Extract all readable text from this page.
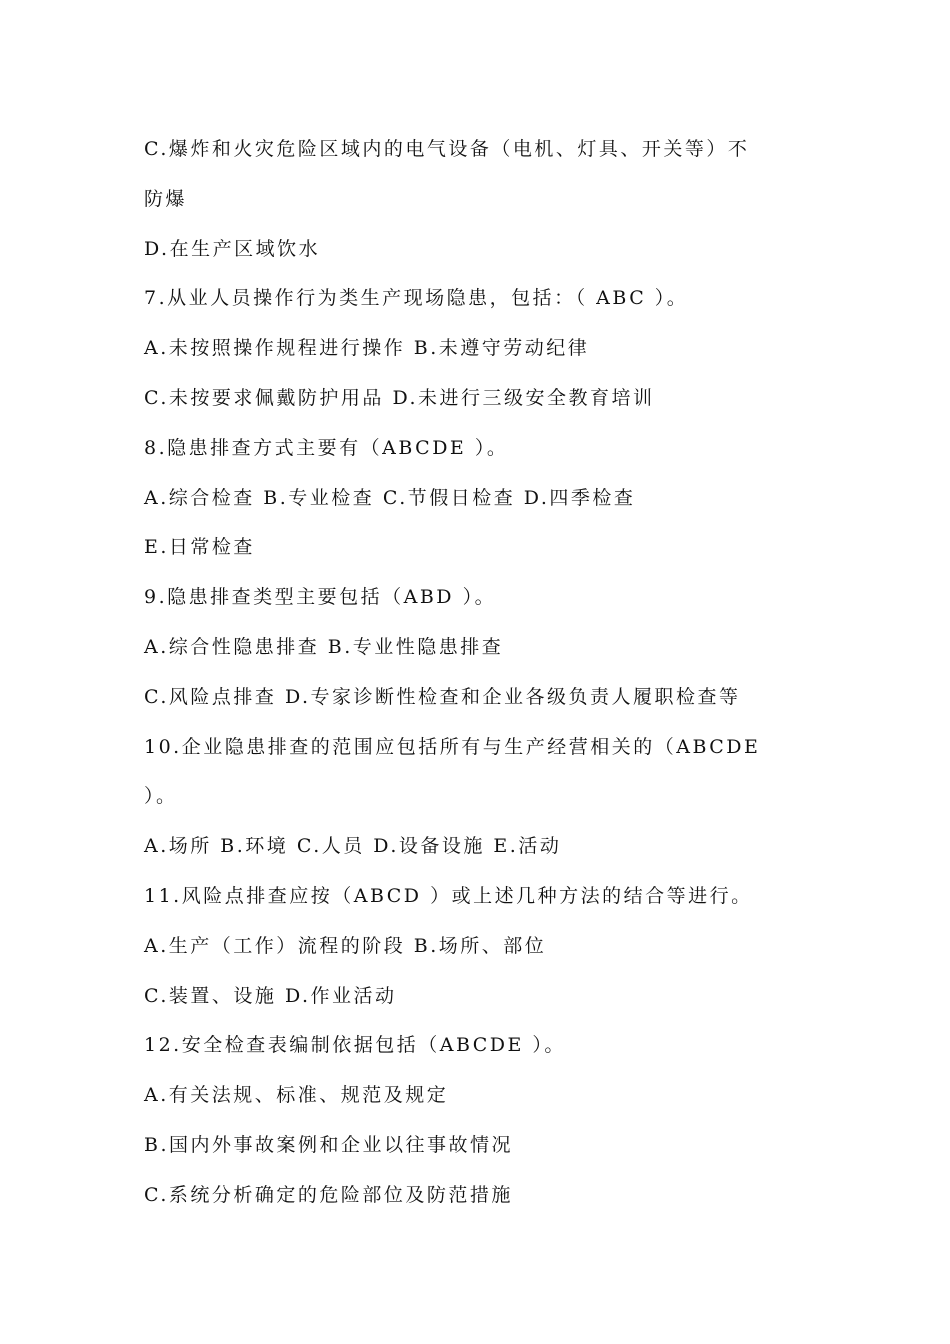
C.爆炸和火灾危险区域内的电气设备（电机、灯具、开关等）不
防爆
D.在生产区域饮水
7.从业人员操作行为类生产现场隐患，包括：（ ABC ）。
A.未按照操作规程进行操作 B.未遵守劳动纪律
C.未按要求佩戴防护用品 D.未进行三级安全教育培训
8.隐患排查方式主要有（ABCDE ）。
A.综合检查 B.专业检查 C.节假日检查 D.四季检查
E.日常检查
9.隐患排查类型主要包括（ABD ）。
A.综合性隐患排查 B.专业性隐患排查
C.风险点排查 D.专家诊断性检查和企业各级负责人履职检查等
10.企业隐患排查的范围应包括所有与生产经营相关的（ABCDE
）。
A.场所 B.环境 C.人员 D.设备设施 E.活动
11.风险点排查应按（ABCD ）或上述几种方法的结合等进行。
A.生产（工作）流程的阶段 B.场所、部位
C.装置、设施 D.作业活动
12.安全检查表编制依据包括（ABCDE ）。
A.有关法规、标准、规范及规定
B.国内外事故案例和企业以往事故情况
C.系统分析确定的危险部位及防范措施
